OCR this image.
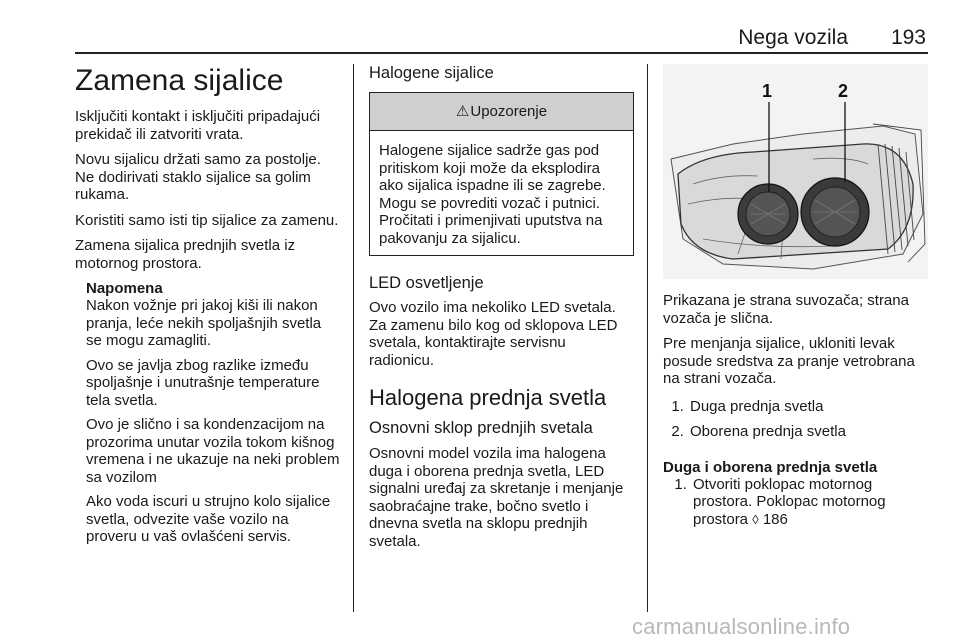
Nega vozila 193
Zamena sijalice

Isključiti kontakt i isključiti pripadajući prekidač ili zatvoriti vrata.

Novu sijalicu držati samo za postolje. Ne dodirivati staklo sijalice sa golim rukama.

Koristiti samo isti tip sijalice za zamenu.

Zamena sijalica prednjih svetla iz motornog prostora.

Napomena

Nakon vožnje pri jakoj kiši ili nakon pranja, leće nekih spoljašnjih svetla se mogu zamagliti.

Ovo se javlja zbog razlike između spoljašnje i unutrašnje temperature tela svetla.

Ovo je slično i sa kondenzacijom na prozorima unutar vozila tokom kišnog vremena i ne ukazuje na neki problem sa vozilom

Ako voda iscuri u strujno kolo sijalice svetla, odvezite vaše vozilo na proveru u vaš ovlašćeni servis.

Halogene sijalice
⚠Upozorenje

Halogene sijalice sadrže gas pod pritiskom koji može da eksplodira ako sijalica ispadne ili se zagrebe. Mogu se povrediti vozač i putnici. Pročitati i primenjivati uputstva na pakovanju za sijalicu.

LED osvetljenje

Ovo vozilo ima nekoliko LED svetala. Za zamenu bilo kog od sklopova LED svetala, kontaktirajte servisnu radionicu.

Halogena prednja svetla
Osnovni sklop prednjih svetala

Osnovni model vozila ima halogena duga i oborena prednja svetla, LED signalni uređaj za skretanje i menjanje saobraćajne trake, bočno svetlo i dnevna svetla na sklopu prednjih svetala.

1	2

Prikazana je strana suvozača; strana vozača je slična.

Pre menjanja sijalice, ukloniti levak posude sredstva za pranje vetrobrana na strani vozača.

1. Duga prednja svetla
2. Oborena prednja svetla
Duga i oborena prednja svetla
1. Otvoriti poklopac motornog prostora. Poklopac motornog prostora ◊ 186
carmanualsonline.info
